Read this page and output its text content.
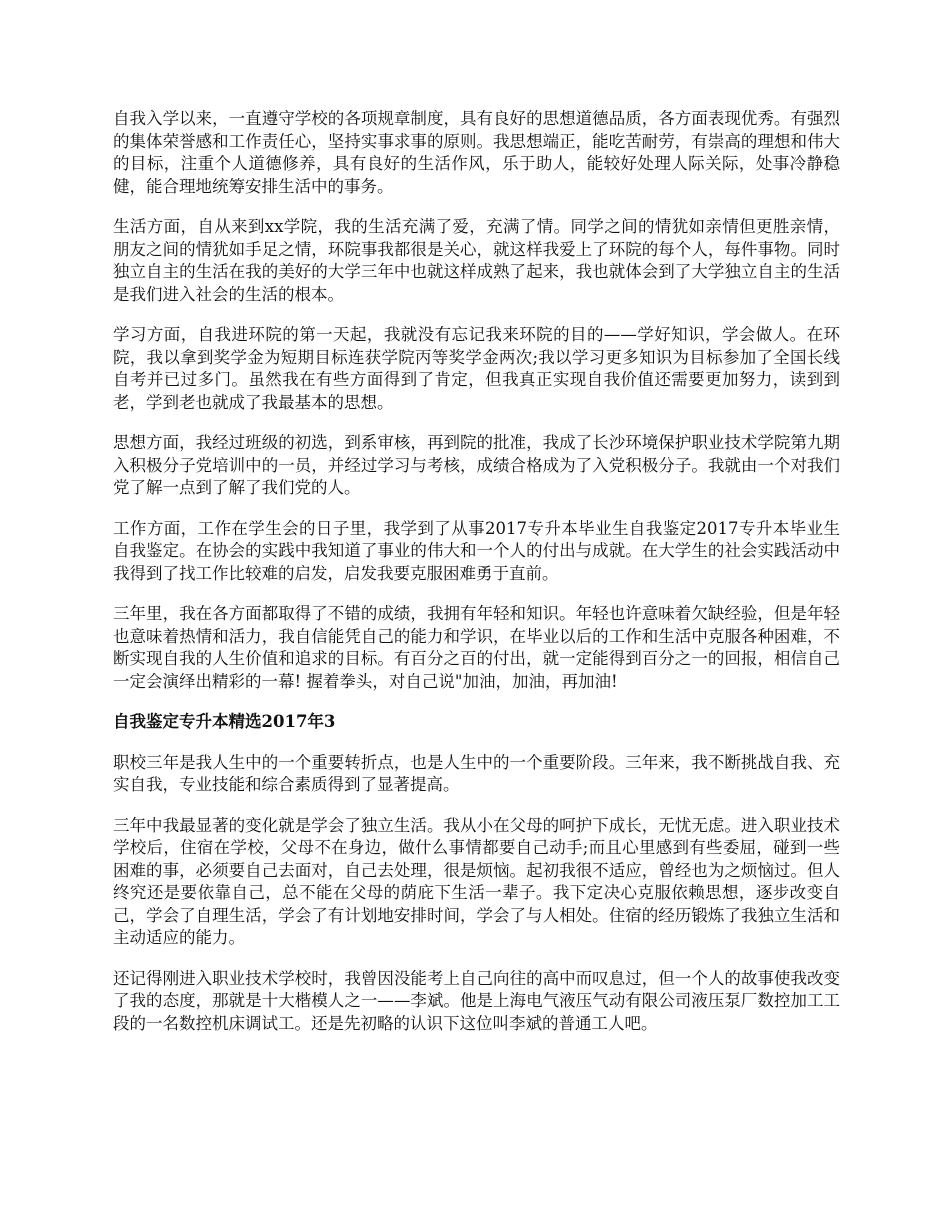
自我入学以来，一直遵守学校的各项规章制度，具有良好的思想道德品质，各方面表现优秀。有强烈的集体荣誉感和工作责任心，坚持实事求事的原则。我思想端正，能吃苦耐劳，有崇高的理想和伟大的目标，注重个人道德修养，具有良好的生活作风，乐于助人，能较好处理人际关际，处事冷静稳健，能合理地统筹安排生活中的事务。

生活方面，自从来到xx学院，我的生活充满了爱，充满了情。同学之间的情犹如亲情但更胜亲情，朋友之间的情犹如手足之情，环院事我都很是关心，就这样我爱上了环院的每个人，每件事物。同时独立自主的生活在我的美好的大学三年中也就这样成熟了起来，我也就体会到了大学独立自主的生活是我们进入社会的生活的根本。

学习方面，自我进环院的第一天起，我就没有忘记我来环院的目的——学好知识，学会做人。在环院，我以拿到奖学金为短期目标连获学院丙等奖学金两次;我以学习更多知识为目标参加了全国长线自考并已过多门。虽然我在有些方面得到了肯定，但我真正实现自我价值还需要更加努力，读到到老，学到老也就成了我最基本的思想。

思想方面，我经过班级的初选，到系审核，再到院的批准，我成了长沙环境保护职业技术学院第九期入积极分子党培训中的一员，并经过学习与考核，成绩合格成为了入党积极分子。我就由一个对我们党了解一点到了解了我们党的人。

工作方面，工作在学生会的日子里，我学到了从事2017专升本毕业生自我鉴定2017专升本毕业生自我鉴定。在协会的实践中我知道了事业的伟大和一个人的付出与成就。在大学生的社会实践活动中我得到了找工作比较难的启发，启发我要克服困难勇于直前。

三年里，我在各方面都取得了不错的成绩，我拥有年轻和知识。年轻也许意味着欠缺经验，但是年轻也意味着热情和活力，我自信能凭自己的能力和学识，在毕业以后的工作和生活中克服各种困难，不断实现自我的人生价值和追求的目标。有百分之百的付出，就一定能得到百分之一的回报，相信自己一定会演绎出精彩的一幕! 握着拳头，对自己说"加油，加油，再加油!

自我鉴定专升本精选2017年3

职校三年是我人生中的一个重要转折点，也是人生中的一个重要阶段。三年来，我不断挑战自我、充实自我，专业技能和综合素质得到了显著提高。

三年中我最显著的变化就是学会了独立生活。我从小在父母的呵护下成长，无忧无虑。进入职业技术学校后，住宿在学校，父母不在身边，做什么事情都要自己动手;而且心里感到有些委屈，碰到一些困难的事，必须要自己去面对，自己去处理，很是烦恼。起初我很不适应，曾经也为之烦恼过。但人终究还是要依靠自己，总不能在父母的荫庇下生活一辈子。我下定决心克服依赖思想，逐步改变自己，学会了自理生活，学会了有计划地安排时间，学会了与人相处。住宿的经历锻炼了我独立生活和主动适应的能力。

还记得刚进入职业技术学校时，我曾因没能考上自己向往的高中而叹息过，但一个人的故事使我改变了我的态度，那就是十大楷模人之一——李斌。他是上海电气液压气动有限公司液压泵厂数控加工工段的一名数控机床调试工。还是先初略的认识下这位叫李斌的普通工人吧。
